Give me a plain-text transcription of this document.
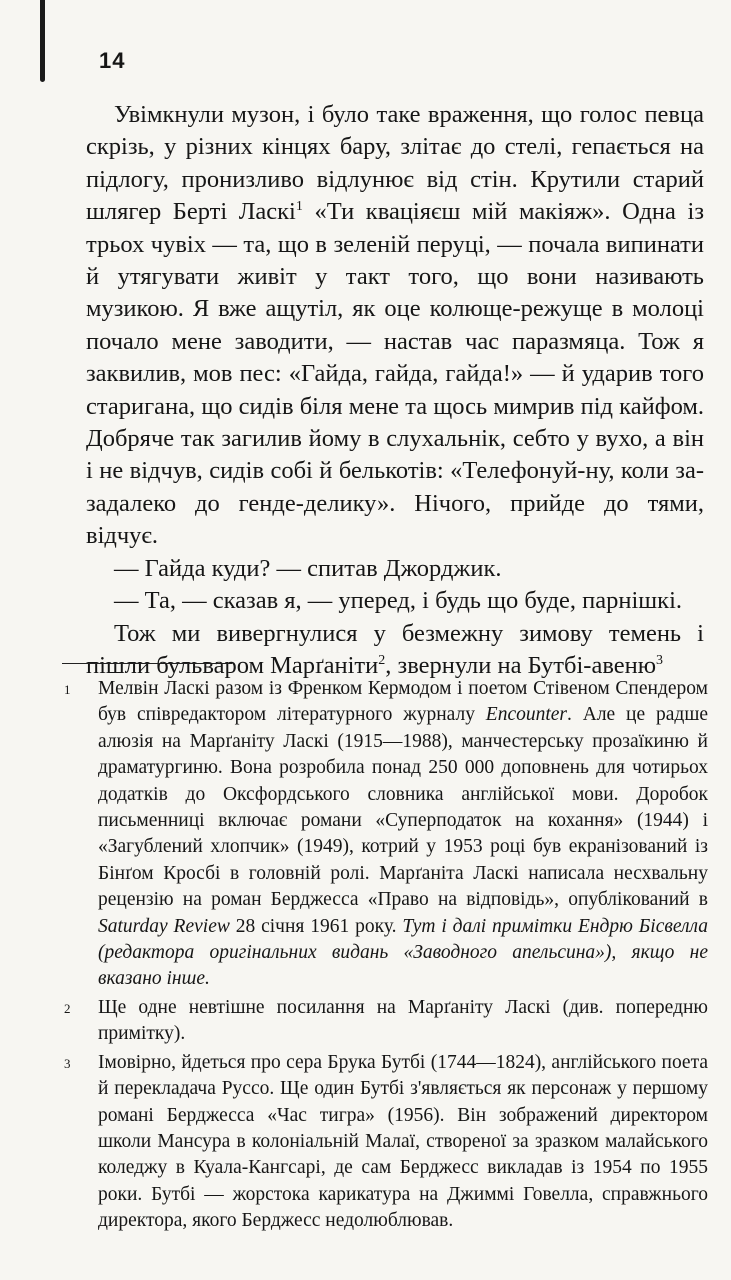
14

Увімкнули музон, і було таке враження, що голос певца скрізь, у різних кінцях бару, злітає до стелі, гепається на підлогу, пронизливо відлунює від стін. Крутили старий шлягер Берті Ласкі$^1$ «Ти кваціяєш мій макіяж». Одна із трьох чувіх — та, що в зеленій перуці, — почала випинати й утягувати живіт у такт того, що вони називають музикою. Я вже ащутіл, як оце колюще-режуще в молоці почало мене заводити, — настав час паразмяца. Тож я заквилив, мов пес: «Гайда, гайда, гайда!» — й ударив того старигана, що сидів біля мене та щось мимрив під кайфом. Добряче так загилив йому в слухальнік, себто у вухо, а він і не відчув, сидів собі й белькотів: «Телефонуй-ну, коли за-задалеко до генде-делику». Нічого, прийде до тями, відчує.

— Гайда куди? — спитав Джорджик.

— Та, — сказав я, — уперед, і будь що буде, парнішкі.

Тож ми вивергнулися у безмежну зимову темень і пішли бульваром Марґаніти$^2$, звернули на Бутбі-авеню$^3$

1 Мелвін Ласкі разом із Френком Кермодом і поетом Стівеном Спендером був співредактором літературного журналу Encounter. Але це радше алюзія на Марґаніту Ласкі (1915—1988), манчестерську прозаїкиню й драматургиню. Вона розробила понад 250 000 доповнень для чотирьох додатків до Оксфордського словника англійської мови. Доробок письменниці включає романи «Суперподаток на кохання» (1944) і «Загублений хлопчик» (1949), котрий у 1953 році був екранізований із Бінґом Кросбі в головній ролі. Марґаніта Ласкі написала несхвальну рецензію на роман Берджесса «Право на відповідь», опублікований в Saturday Review 28 січня 1961 року. Тут і далі примітки Ендрю Бісвелла (редактора оригінальних видань «Заводного апельсина»), якщо не вказано інше.
2 Ще одне невтішне посилання на Марґаніту Ласкі (див. попередню примітку).
3 Імовірно, йдеться про сера Брука Бутбі (1744—1824), англійського поета й перекладача Руссо. Ще один Бутбі з'являється як персонаж у першому романі Берджесса «Час тигра» (1956). Він зображений директором школи Мансура в колоніальній Малаї, створеної за зразком малайського коледжу в Куала-Кангсарі, де сам Берджесс викладав із 1954 по 1955 роки. Бутбі — жорстока карикатура на Джиммі Говелла, справжнього директора, якого Берджесс недолюблював.
